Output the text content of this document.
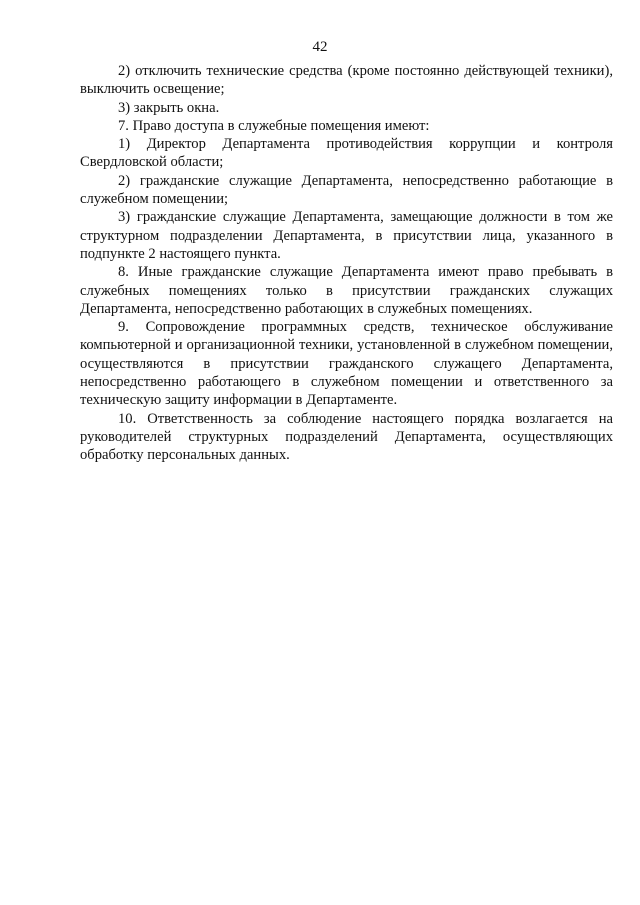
42

2) отключить технические средства (кроме постоянно действующей техники), выключить освещение;

3) закрыть окна.

7. Право доступа в служебные помещения имеют:

1) Директор Департамента противодействия коррупции и контроля Свердловской области;

2) гражданские служащие Департамента, непосредственно работающие в служебном помещении;

3) гражданские служащие Департамента, замещающие должности в том же структурном подразделении Департамента, в присутствии лица, указанного в подпункте 2 настоящего пункта.

8. Иные гражданские служащие Департамента имеют право пребывать в служебных помещениях только в присутствии гражданских служащих Департамента, непосредственно работающих в служебных помещениях.

9. Сопровождение программных средств, техническое обслуживание компьютерной и организационной техники, установленной в служебном помещении, осуществляются в присутствии гражданского служащего Департамента, непосредственно работающего в служебном помещении и ответственного за техническую защиту информации в Департаменте.

10. Ответственность за соблюдение настоящего порядка возлагается на руководителей структурных подразделений Департамента, осуществляющих обработку персональных данных.
